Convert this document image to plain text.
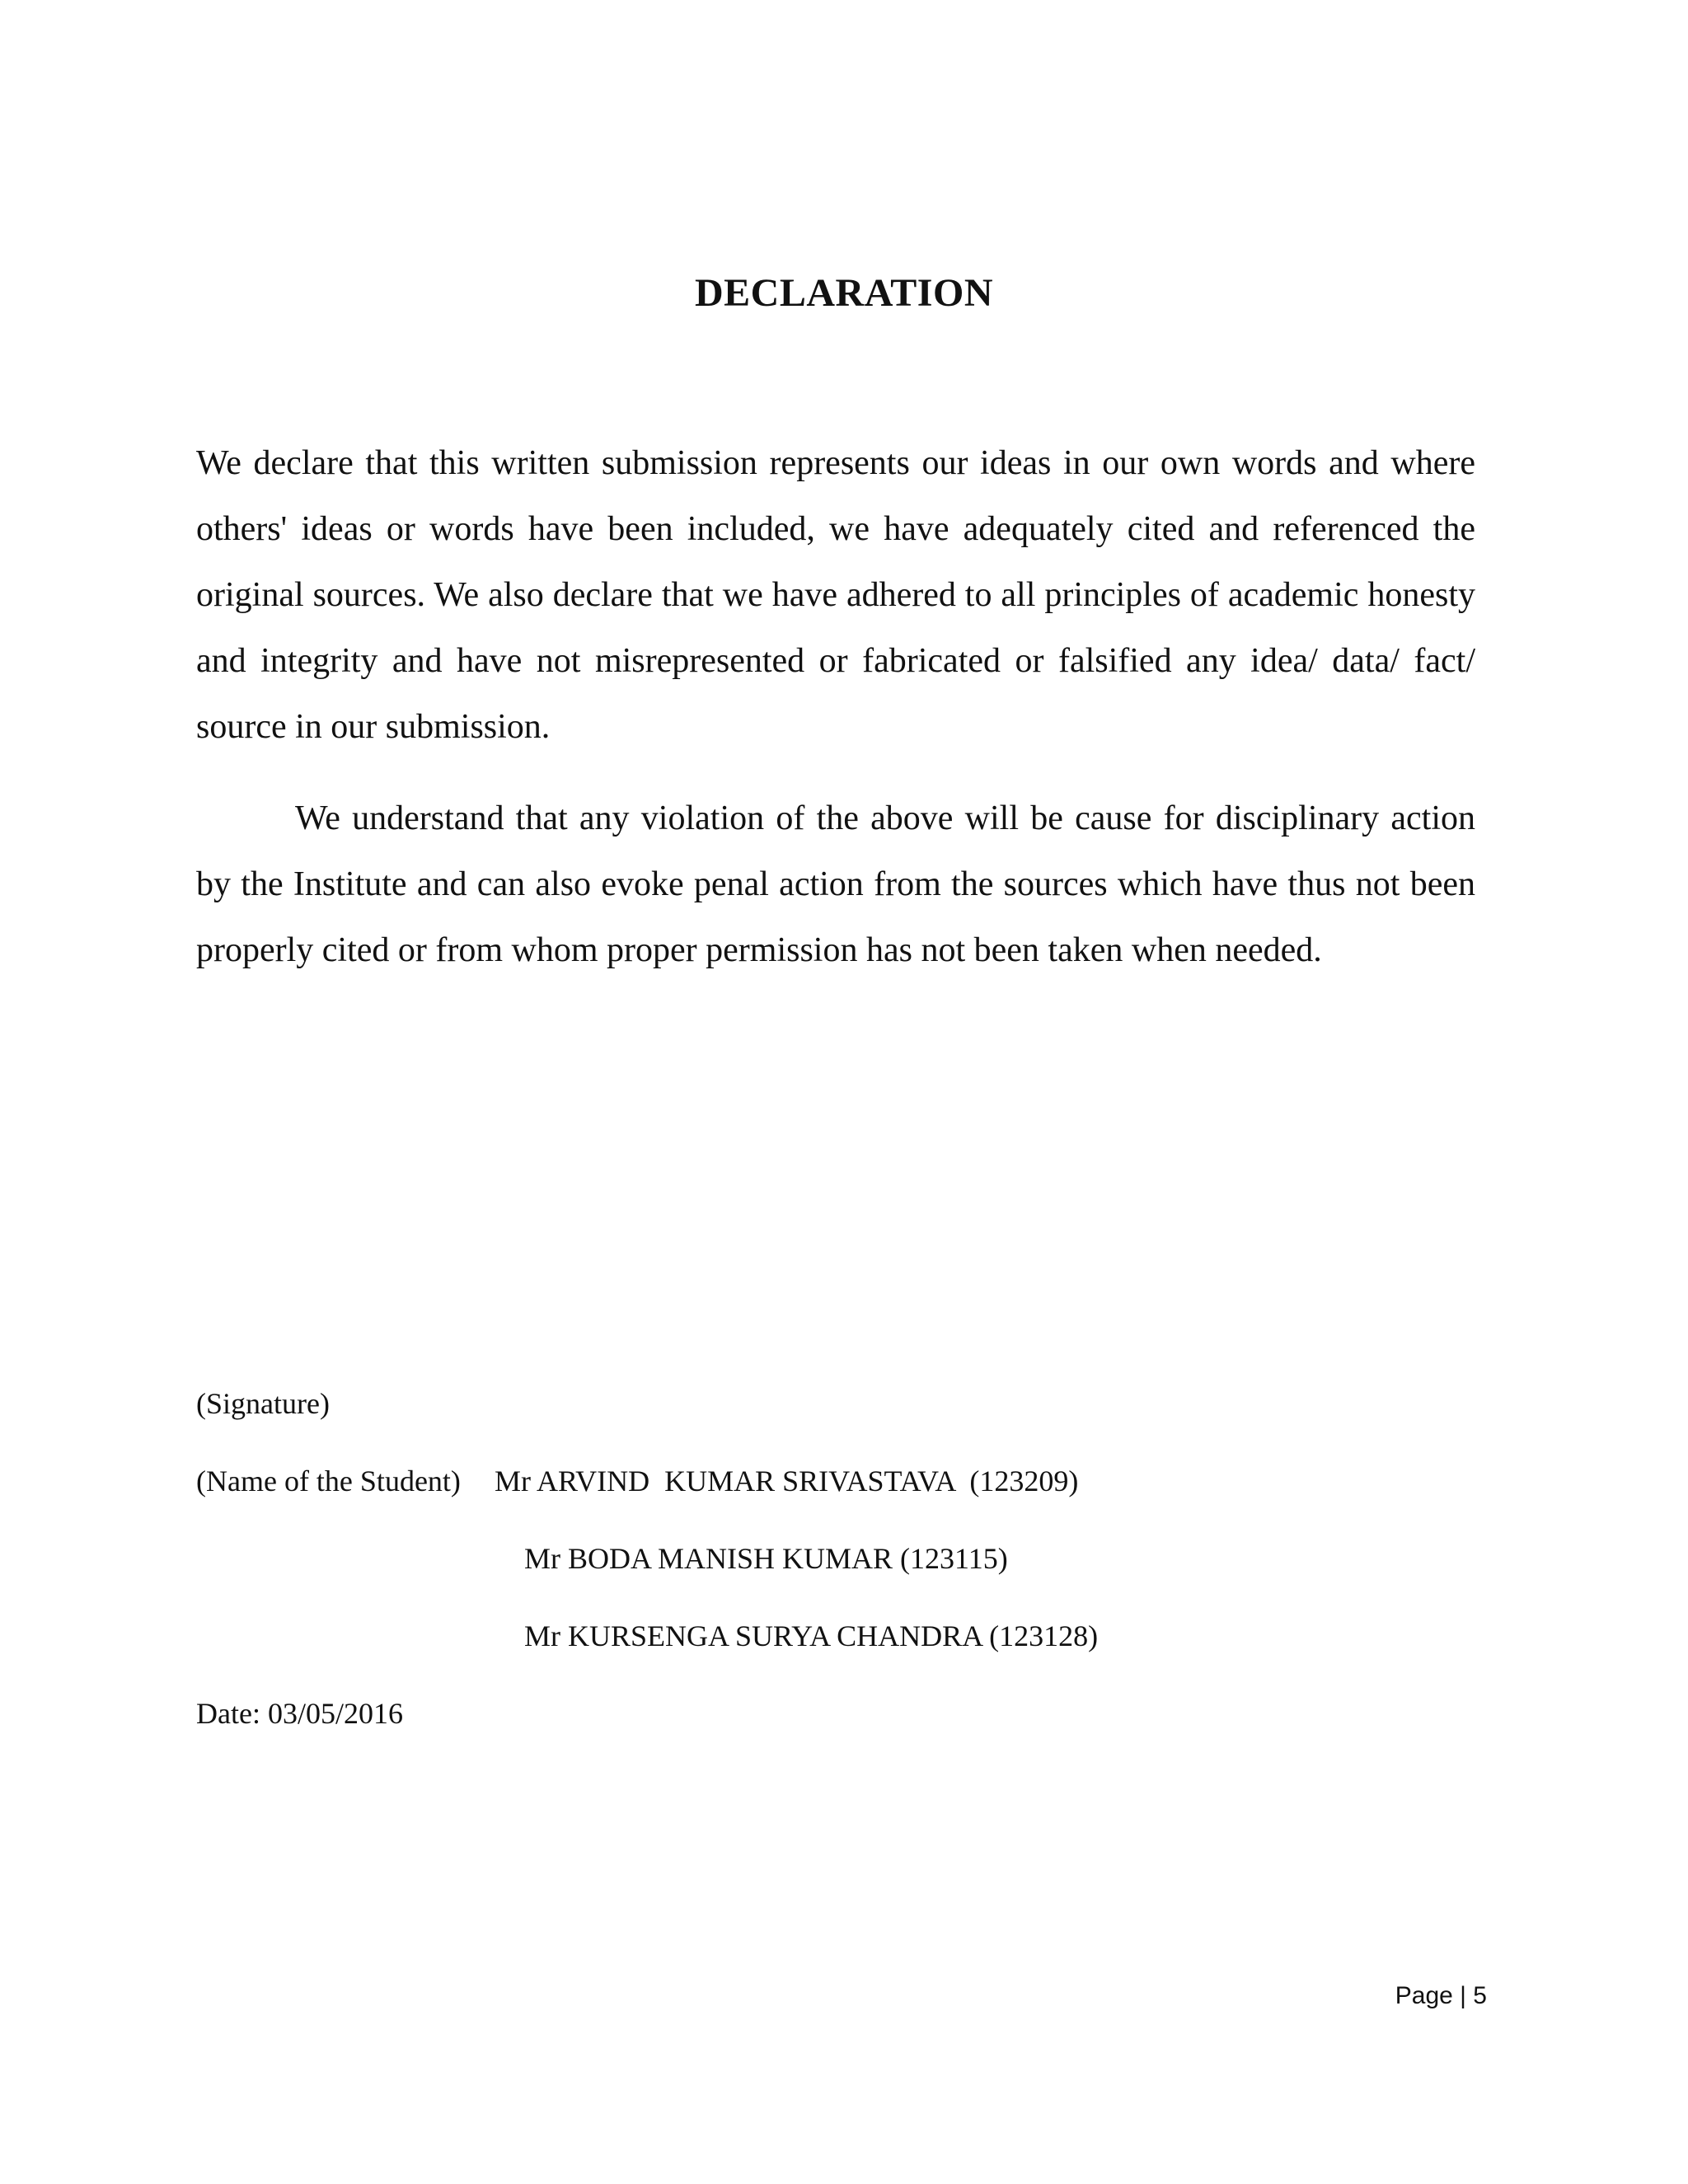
DECLARATION

We declare that this written submission represents our ideas in our own words and where others' ideas or words have been included, we have adequately cited and referenced the original sources. We also declare that we have adhered to all principles of academic honesty and integrity and have not misrepresented or fabricated or falsified any idea/ data/ fact/ source in our submission.

We understand that any violation of the above will be cause for disciplinary action by the Institute and can also evoke penal action from the sources which have thus not been properly cited or from whom proper permission has not been taken when needed.

(Signature)
(Name of the Student) Mr ARVIND  KUMAR SRIVASTAVA  (123209)
Mr BODA MANISH KUMAR (123115)
Mr KURSENGA SURYA CHANDRA (123128)
Date: 03/05/2016
Page | 5
